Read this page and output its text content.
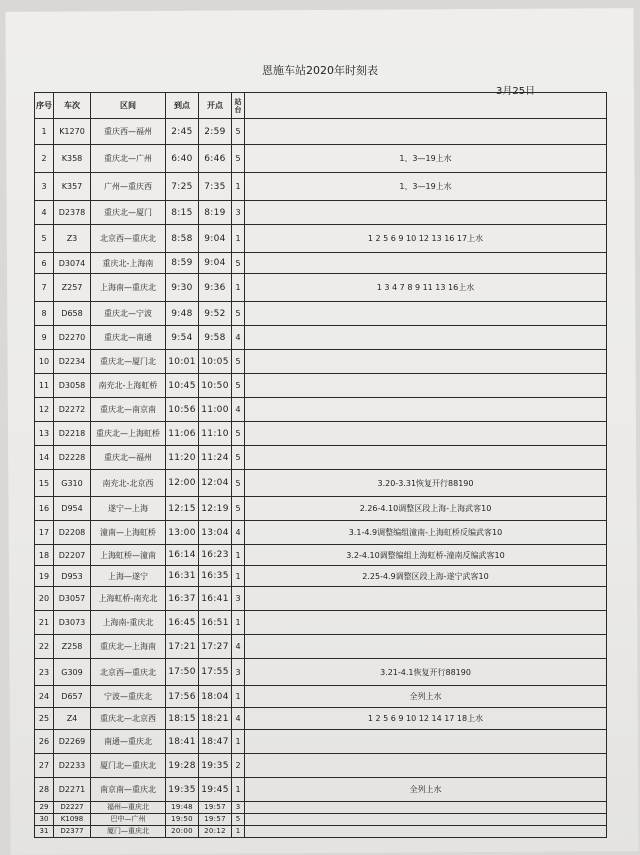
恩施车站2020年时刻表
3月25日
序号	车次	区间	到点	开点	站台	
1	K1270	重庆西—福州	2:45	2:59	5	
2	K358	重庆北—广州	6:40	6:46	5	1、3—19上水
3	K357	广州—重庆西	7:25	7:35	1	1、3—19上水
4	D2378	重庆北—厦门	8:15	8:19	3	
5	Z3	北京西—重庆北	8:58	9:04	1	1 2 5 6 9 10 12 13 16 17上水
6	D3074	重庆北-上海南	8:59	9:04	5	
7	Z257	上海南—重庆北	9:30	9:36	1	1 3 4 7 8 9 11 13 16上水
8	D658	重庆北—宁波	9:48	9:52	5	
9	D2270	重庆北—南通	9:54	9:58	4	
10	D2234	重庆北—厦门北	10:01	10:05	5	
11	D3058	南充北-上海虹桥	10:45	10:50	5	
12	D2272	重庆北—南京南	10:56	11:00	4	
13	D2218	重庆北—上海虹桥	11:06	11:10	5	
14	D2228	重庆北—福州	11:20	11:24	5	
15	G310	南充北-北京西	12:00	12:04	5	3.20-3.31恢复开行88190
16	D954	遂宁—上海	12:15	12:19	5	2.26-4.10调整区段上海-上海武客10
17	D2208	潼南—上海虹桥	13:00	13:04	4	3.1-4.9调整编组潼南-上海虹桥反编武客10
18	D2207	上海虹桥—潼南	16:14	16:23	1	3.2-4.10调整编组上海虹桥-潼南反编武客10
19	D953	上海—遂宁	16:31	16:35	1	2.25-4.9调整区段上海-遂宁武客10
20	D3057	上海虹桥-南充北	16:37	16:41	3	
21	D3073	上海南-重庆北	16:45	16:51	1	
22	Z258	重庆北—上海南	17:21	17:27	4	
23	G309	北京西—重庆北	17:50	17:55	3	3.21-4.1恢复开行88190
24	D657	宁波—重庆北	17:56	18:04	1	全列上水
25	Z4	重庆北—北京西	18:15	18:21	4	1 2 5 6 9 10 12 14 17 18上水
26	D2269	南通—重庆北	18:41	18:47	1	
27	D2233	厦门北—重庆北	19:28	19:35	2	
28	D2271	南京南—重庆北	19:35	19:45	1	全列上水
29	D2227	福州—重庆北	19:48	19:57	3	
30	K1098	巴中—广州	19:50	19:57	5	
31	D2377	厦门—重庆北	20:00	20:12	1	
